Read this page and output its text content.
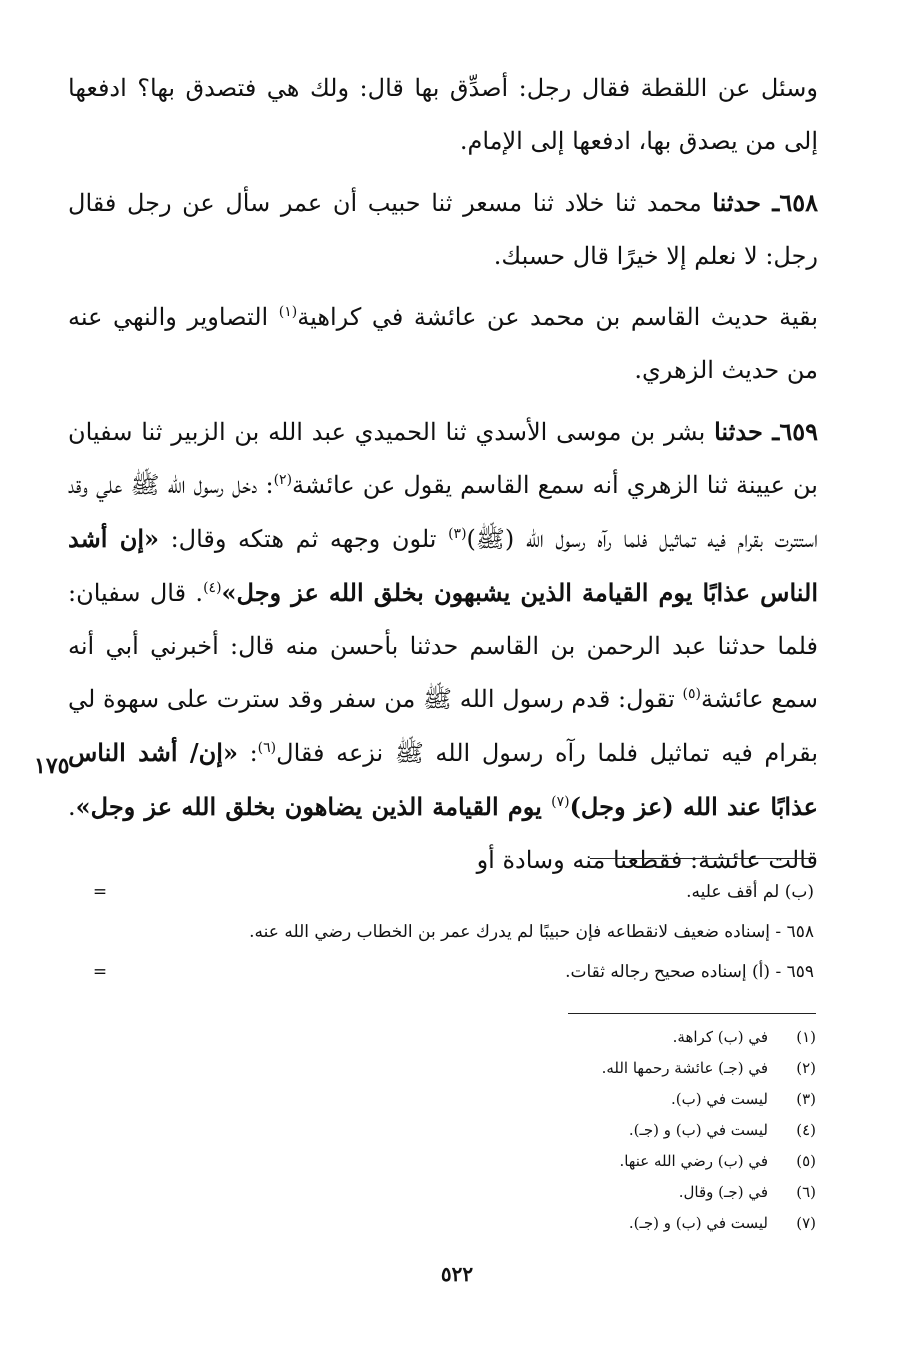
وسئل عن اللقطة فقال رجل: أصدِّق بها قال: ولك هي فتصدق بها؟ ادفعها إلى من يصدق بها، ادفعها إلى الإمام.

٦٥٨ـ حدثنا محمد ثنا خلاد ثنا مسعر ثنا حبيب أن عمر سأل عن رجل فقال رجل: لا نعلم إلا خيرًا قال حسبك.

بقية حديث القاسم بن محمد عن عائشة في كراهية$^{(١)}$ التصاوير والنهي عنه من حديث الزهري.

٦٥٩ـ حدثنا بشر بن موسى الأسدي ثنا الحميدي عبد الله بن الزبير ثنا سفيان بن عيينة ثنا الزهري أنه سمع القاسم يقول عن عائشة$^{(٢)}$: دخل رسول الله ﷺ علي وقد استترت بقرام فيه تماثيل فلما رآه رسول الله (ﷺ)$^{(٣)}$ تلون وجهه ثم هتكه وقال: «إن أشد الناس عذابًا يوم القيامة الذين يشبهون بخلق الله عز وجل»$^{(٤)}$. قال سفيان: فلما حدثنا عبد الرحمن بن القاسم حدثنا بأحسن منه قال: أخبرني أبي أنه سمع عائشة$^{(٥)}$ تقول: قدم رسول الله ﷺ من سفر وقد سترت على سهوة لي بقرام فيه تماثيل فلما رآه رسول الله ﷺ نزعه فقال$^{(٦)}$: «إن/ أشد الناس عذابًا عند الله (عز وجل)$^{(٧)}$ يوم القيامة الذين يضاهون بخلق الله عز وجل». قالت عائشة: فقطعنا منه وسادة أو

١٧٥
(ب) لم أقف عليه.
=
٦٥٨ - إسناده ضعيف لانقطاعه فإن حبيبًا لم يدرك عمر بن الخطاب رضي الله عنه.
٦٥٩ - (أ) إسناده صحيح رجاله ثقات.
=
(١)
في (ب) كراهة.
(٢)
في (جـ) عائشة رحمها الله.
(٣)
ليست في (ب).
(٤)
ليست في (ب) و (جـ).
(٥)
في (ب) رضي الله عنها.
(٦)
في (جـ) وقال.
(٧)
ليست في (ب) و (جـ).
٥٢٢
